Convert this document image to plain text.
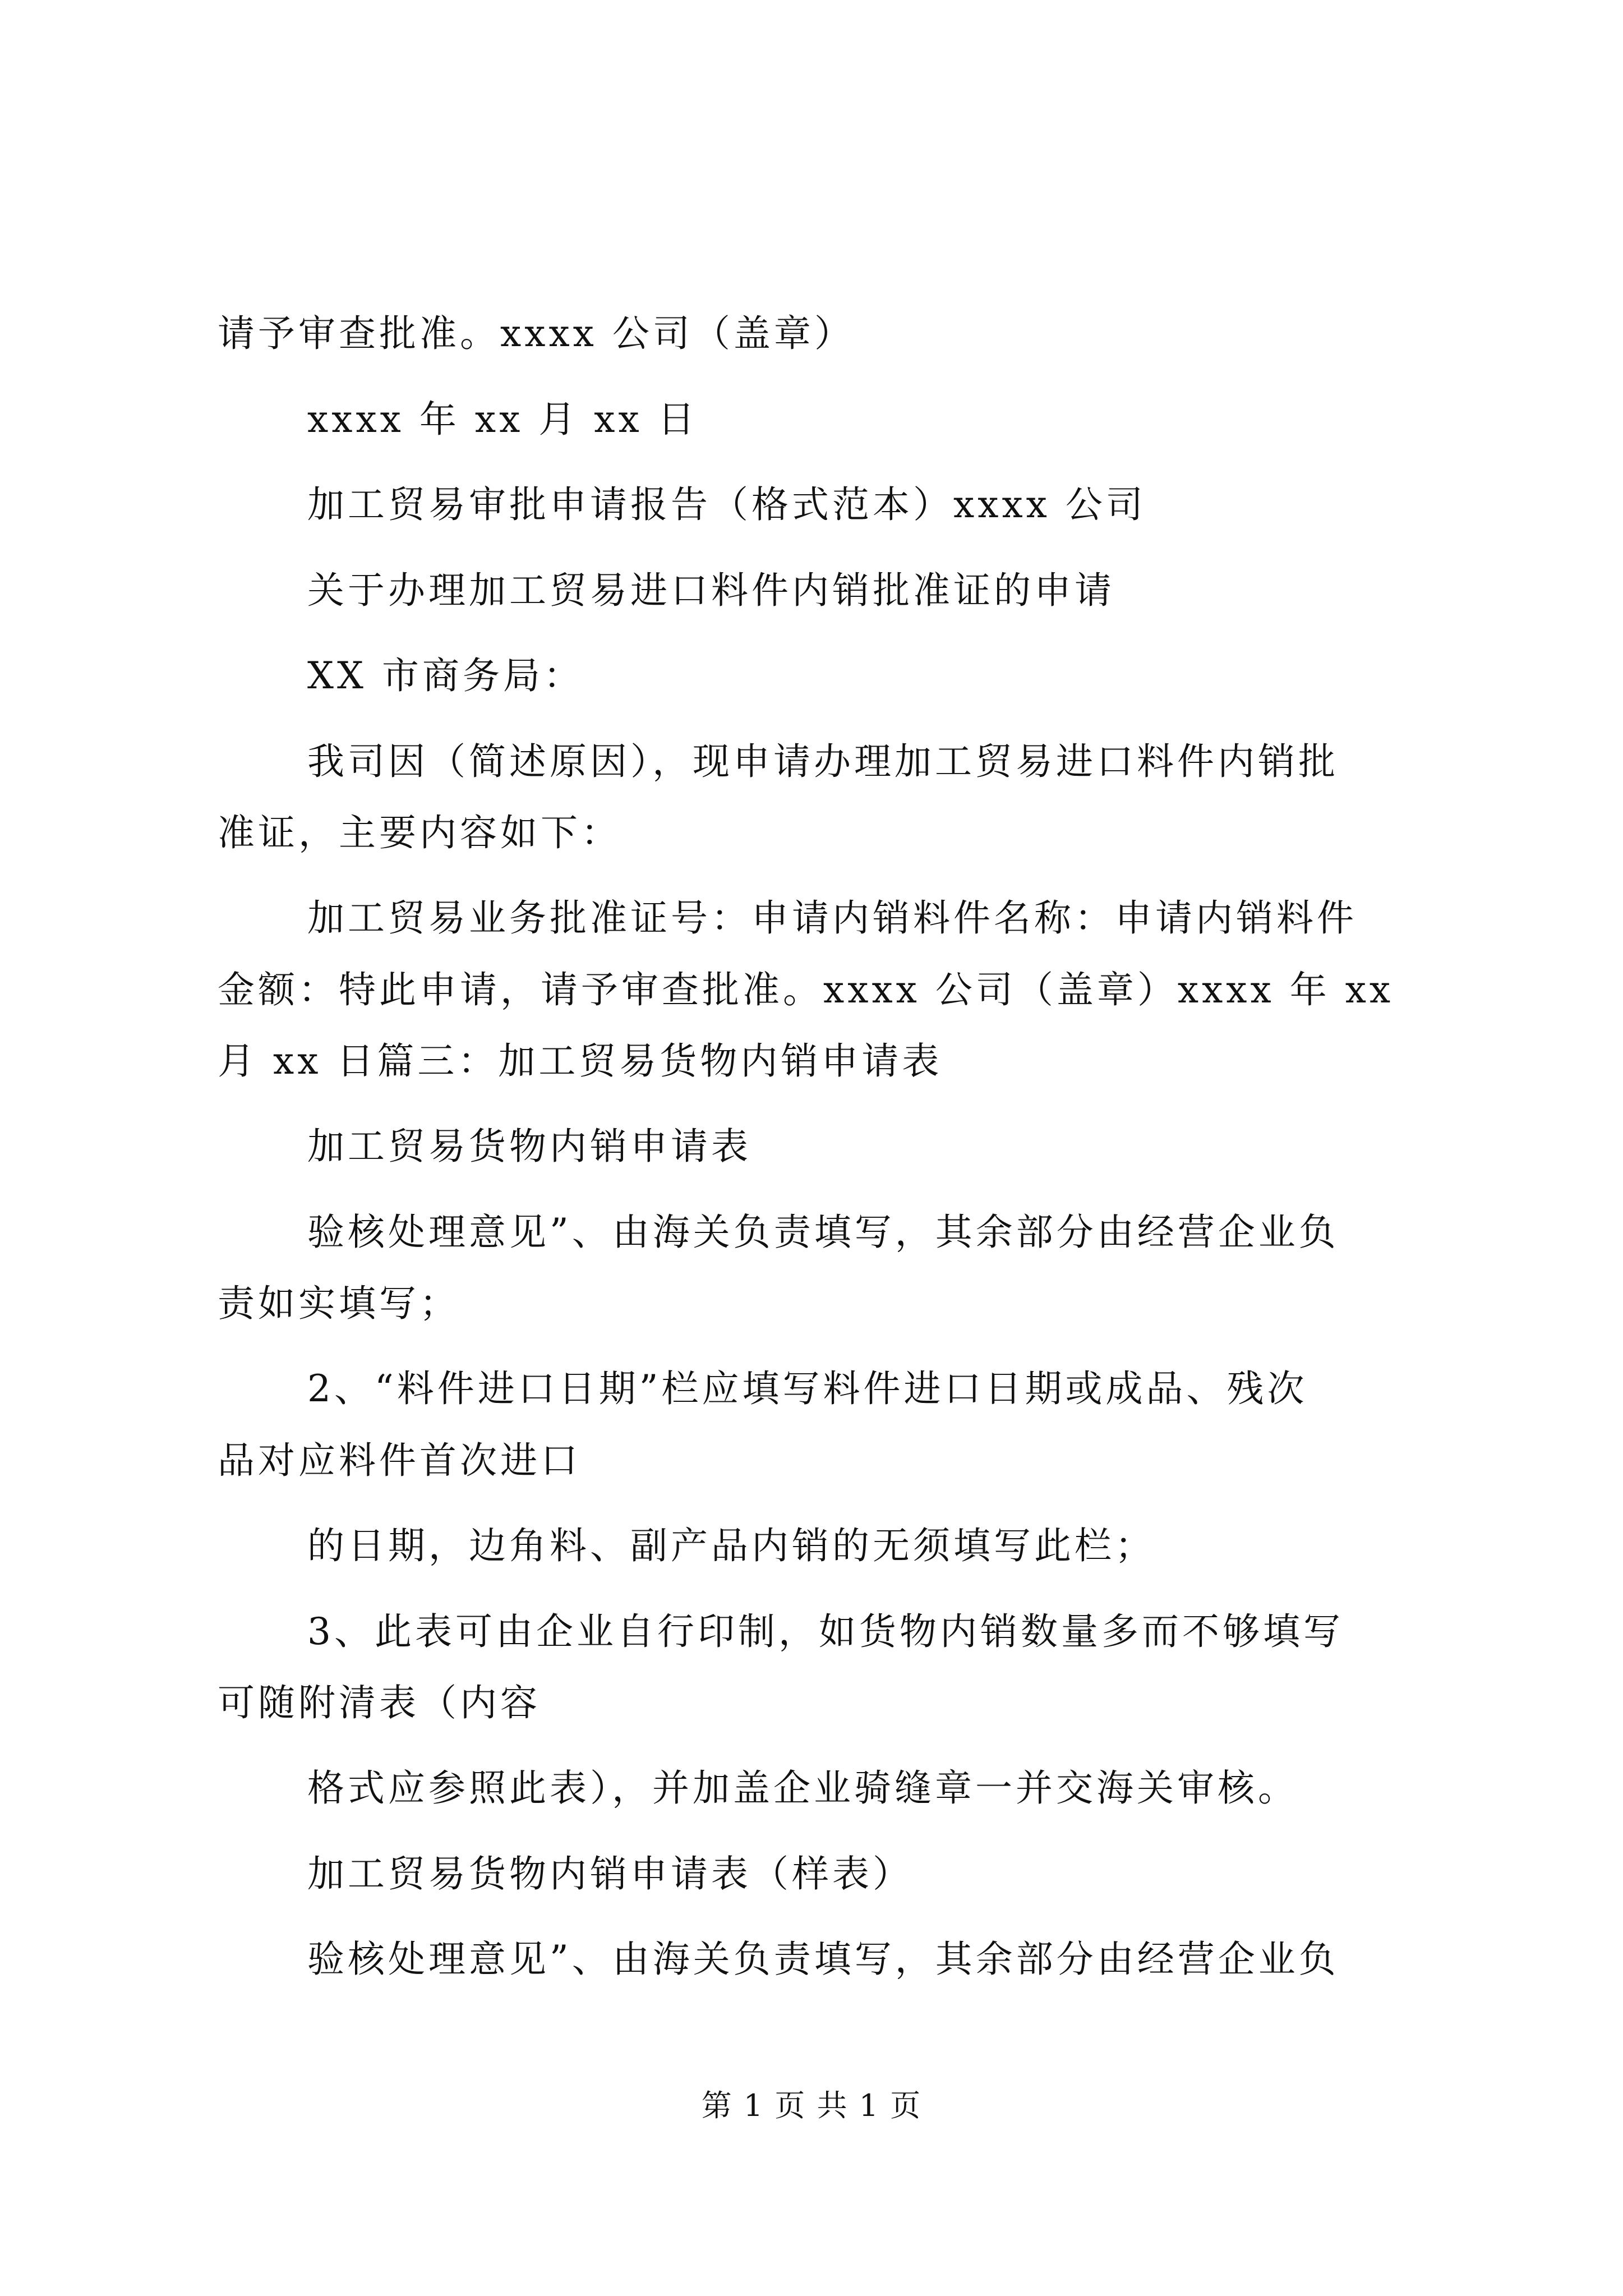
请予审查批准。xxxx 公司（盖章）
xxxx 年 xx 月 xx 日
加工贸易审批申请报告（格式范本）xxxx 公司
关于办理加工贸易进口料件内销批准证的申请
XX 市商务局：
我司因（简述原因），现申请办理加工贸易进口料件内销批
准证，主要内容如下：
加工贸易业务批准证号：申请内销料件名称：申请内销料件
金额：特此申请，请予审查批准。xxxx 公司（盖章）xxxx 年 xx
月 xx 日篇三：加工贸易货物内销申请表
加工贸易货物内销申请表
验核处理意见”、由海关负责填写，其余部分由经营企业负
责如实填写；
2、“料件进口日期”栏应填写料件进口日期或成品、残次
品对应料件首次进口
的日期，边角料、副产品内销的无须填写此栏；
3、此表可由企业自行印制，如货物内销数量多而不够填写
可随附清表（内容
格式应参照此表），并加盖企业骑缝章一并交海关审核。
加工贸易货物内销申请表（样表）
验核处理意见”、由海关负责填写，其余部分由经营企业负
第 1 页 共 1 页
